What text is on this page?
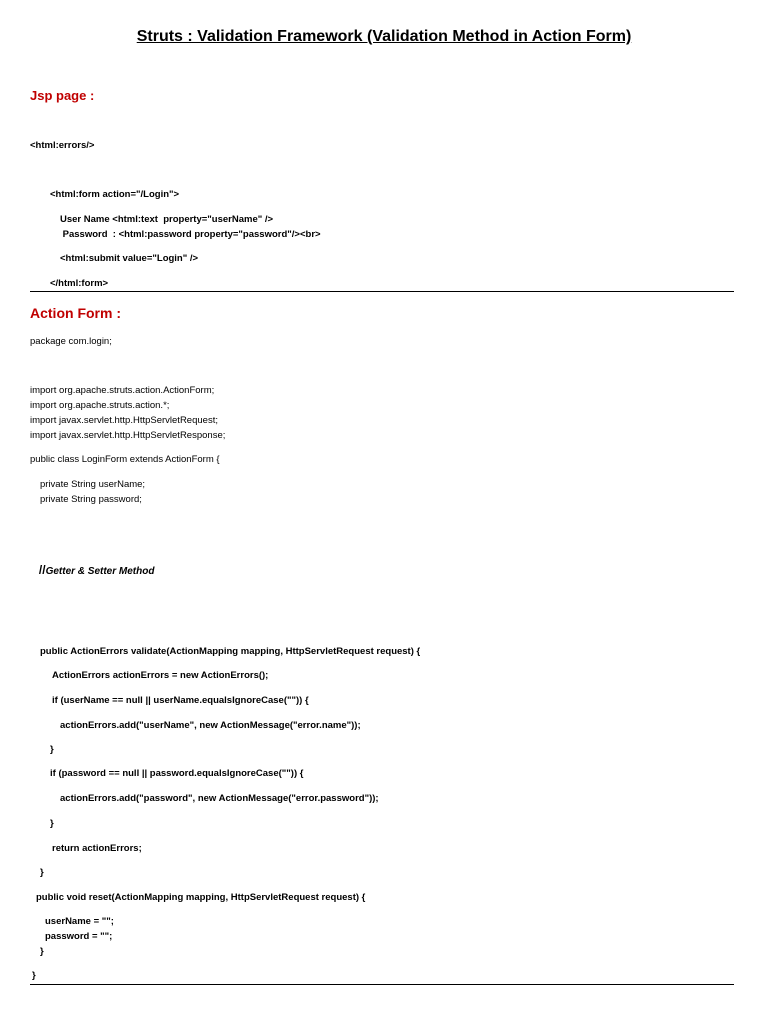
Struts : Validation Framework (Validation Method in Action Form)
Jsp page :
<html:errors/>
<html:form action="/Login">
User Name <html:text  property="userName" />
Password  : <html:password property="password"/><br>
<html:submit value="Login" />
</html:form>
Action Form :
package com.login;
import org.apache.struts.action.ActionForm;
import org.apache.struts.action.*;
import javax.servlet.http.HttpServletRequest;
import javax.servlet.http.HttpServletResponse;
public class LoginForm extends ActionForm {
private String userName;
private String password;

//Getter & Setter Method

public ActionErrors validate(ActionMapping mapping, HttpServletRequest request) {
ActionErrors actionErrors = new ActionErrors();
if (userName == null || userName.equalsIgnoreCase("")) {
actionErrors.add("userName", new ActionMessage("error.name"));
}
if (password == null || password.equalsIgnoreCase("")) {
actionErrors.add("password", new ActionMessage("error.password"));
}
return actionErrors;
}
public void reset(ActionMapping mapping, HttpServletRequest request) {
userName = "";
password = "";
}
}
